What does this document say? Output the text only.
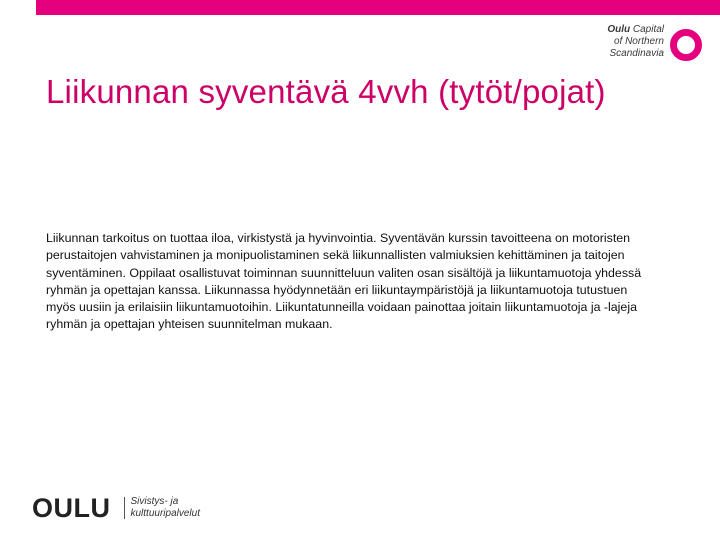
Oulu Capital
of Northern
Scandinavia
Liikunnan syventävä 4vvh (tytöt/pojat)

Liikunnan tarkoitus on tuottaa iloa, virkistystä ja hyvinvointia. Syventävän kurssin tavoitteena on motoristen perustaitojen vahvistaminen ja monipuolistaminen sekä liikunnallisten valmiuksien kehittäminen ja taitojen syventäminen. Oppilaat osallistuvat toiminnan suunnitteluun valiten osan sisältöjä ja liikuntamuotoja yhdessä ryhmän ja opettajan kanssa. Liikunnassa hyödynnetään eri liikuntaympäristöjä ja liikuntamuotoja tutustuen myös uusiin ja erilaisiin liikuntamuotoihin. Liikuntatunneilla voidaan painottaa joitain liikuntamuotoja ja -lajeja ryhmän ja opettajan yhteisen suunnitelman mukaan.

OULU Sivistys- ja
kulttuuripalvelut
